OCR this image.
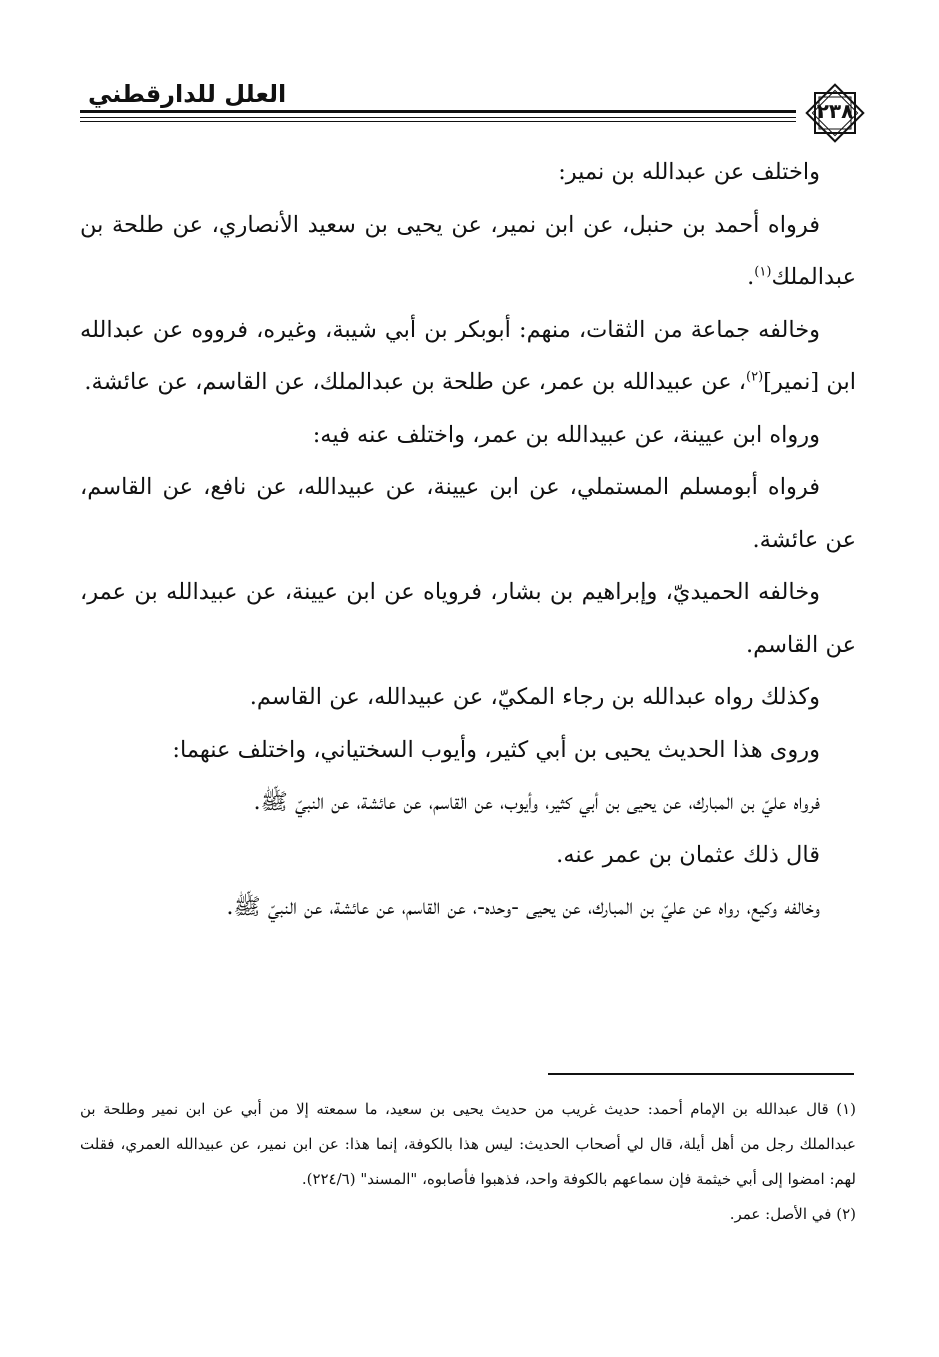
العلل للدارقطني
٢٣٨

واختلف عن عبدالله بن نمير:

فرواه أحمد بن حنبل، عن ابن نمير، عن يحيى بن سعيد الأنصاري، عن طلحة بن عبدالملك$^{(١)}$.

وخالفه جماعة من الثقات، منهم: أبوبكر بن أبي شيبة، وغيره، فرووه عن عبدالله ابن [نمير]$^{(٢)}$، عن عبيدالله بن عمر، عن طلحة بن عبدالملك، عن القاسم، عن عائشة.

ورواه ابن عيينة، عن عبيدالله بن عمر، واختلف عنه فيه:

فرواه أبومسلم المستملي، عن ابن عيينة، عن عبيدالله، عن نافع، عن القاسم، عن عائشة.

وخالفه الحميديّ، وإبراهيم بن بشار، فروياه عن ابن عيينة، عن عبيدالله بن عمر، عن القاسم.

وكذلك رواه عبدالله بن رجاء المكيّ، عن عبيدالله، عن القاسم.

وروى هذا الحديث يحيى بن أبي كثير، وأيوب السختياني، واختلف عنهما:

فرواه عليّ بن المبارك، عن يحيى بن أبي كثير، وأيوب، عن القاسم، عن عائشة، عن النبيّ ﷺ.

قال ذلك عثمان بن عمر عنه.

وخالفه وكيع، رواه عن عليّ بن المبارك، عن يحيى -وحده-، عن القاسم، عن عائشة، عن النبيّ ﷺ.

(١) قال عبدالله بن الإمام أحمد: حديث غريب من حديث يحيى بن سعيد، ما سمعته إلا من أبي عن ابن نمير وطلحة بن عبدالملك رجل من أهل أيلة، قال لي أصحاب الحديث: ليس هذا بالكوفة، إنما هذا: عن ابن نمير، عن عبيدالله العمري، فقلت لهم: امضوا إلى أبي خيثمة فإن سماعهم بالكوفة واحد، فذهبوا فأصابوه، "المسند" (٢٢٤/٦).

(٢) في الأصل: عمر.
